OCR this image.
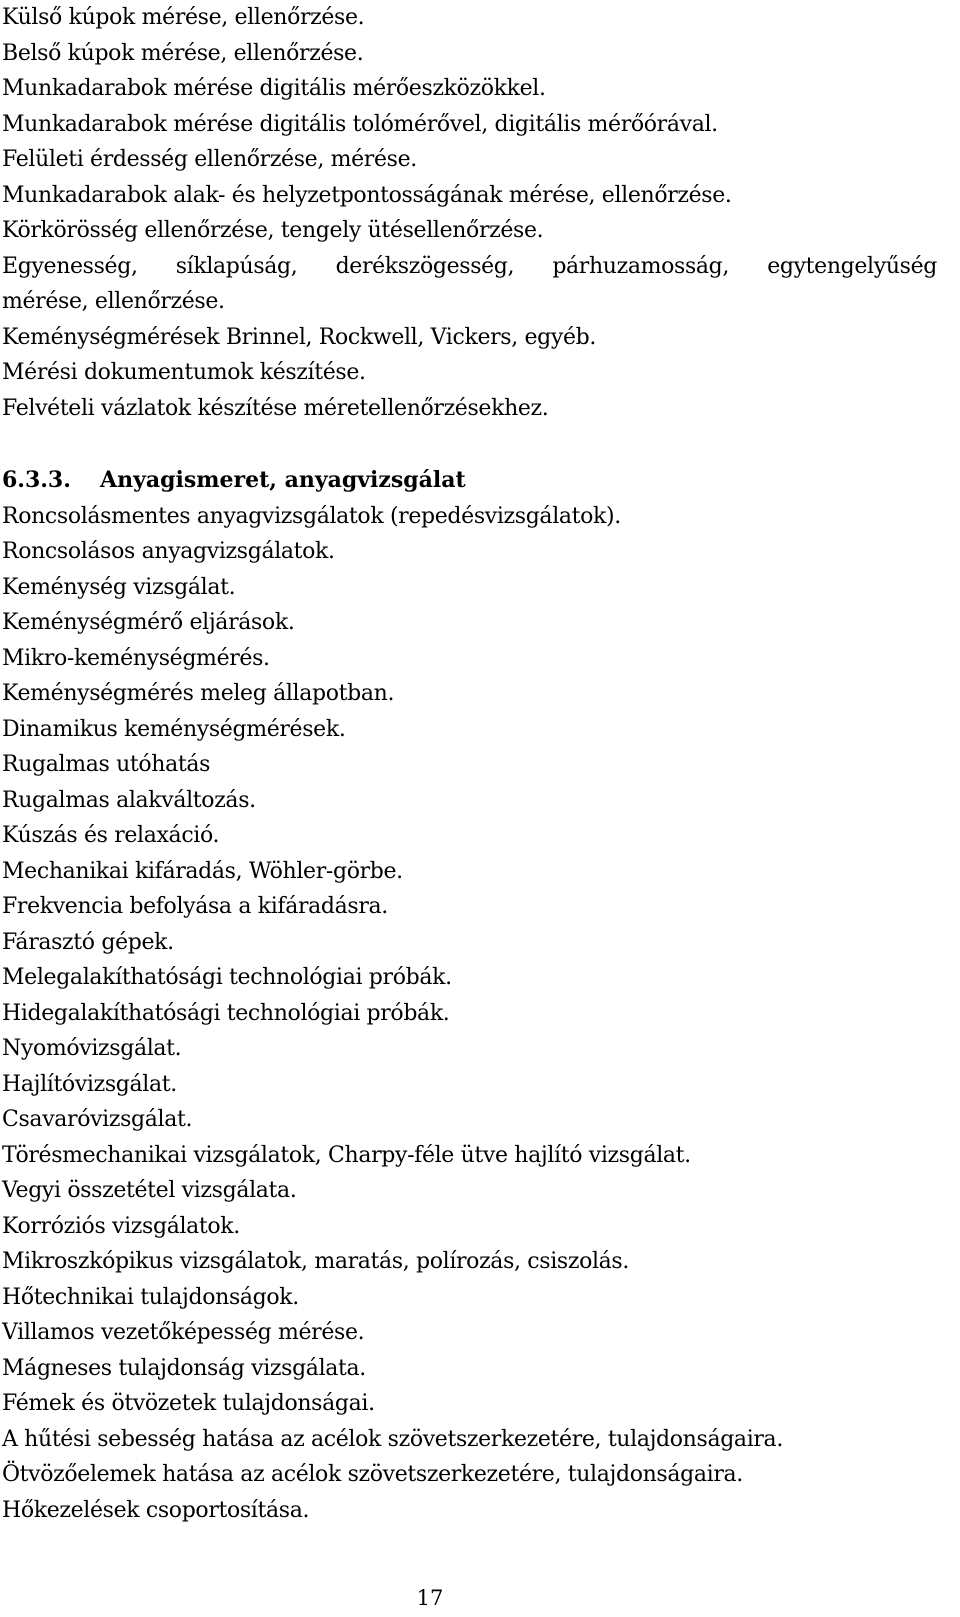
Külső kúpok mérése, ellenőrzése.
Belső kúpok mérése, ellenőrzése.
Munkadarabok mérése digitális mérőeszközökkel.
Munkadarabok mérése digitális tolómérővel, digitális mérőórával.
Felületi érdesség ellenőrzése, mérése.
Munkadarabok alak- és helyzetpontosságának mérése, ellenőrzése.
Körkörösség ellenőrzése, tengely ütésellenőrzése.
Egyenesség, síklapúság, derékszögesség, párhuzamosság, egytengelyűség
mérése, ellenőrzése.
Keménységmérések Brinnel, Rockwell, Vickers, egyéb.
Mérési dokumentumok készítése.
Felvételi vázlatok készítése méretellenőrzésekhez.
6.3.3. Anyagismeret, anyagvizsgálat
Roncsolásmentes anyagvizsgálatok (repedésvizsgálatok).
Roncsolásos anyagvizsgálatok.
Keménység vizsgálat.
Keménységmérő eljárások.
Mikro-keménységmérés.
Keménységmérés meleg állapotban.
Dinamikus keménységmérések.
Rugalmas utóhatás
Rugalmas alakváltozás.
Kúszás és relaxáció.
Mechanikai kifáradás, Wöhler-görbe.
Frekvencia befolyása a kifáradásra.
Fárasztó gépek.
Melegalakíthatósági technológiai próbák.
Hidegalakíthatósági technológiai próbák.
Nyomóvizsgálat.
Hajlítóvizsgálat.
Csavaróvizsgálat.
Törésmechanikai vizsgálatok, Charpy-féle ütve hajlító vizsgálat.
Vegyi összetétel vizsgálata.
Korróziós vizsgálatok.
Mikroszkópikus vizsgálatok, maratás, polírozás, csiszolás.
Hőtechnikai tulajdonságok.
Villamos vezetőképesség mérése.
Mágneses tulajdonság vizsgálata.
Fémek és ötvözetek tulajdonságai.
A hűtési sebesség hatása az acélok szövetszerkezetére, tulajdonságaira.
Ötvözőelemek hatása az acélok szövetszerkezetére, tulajdonságaira.
Hőkezelések csoportosítása.
17
